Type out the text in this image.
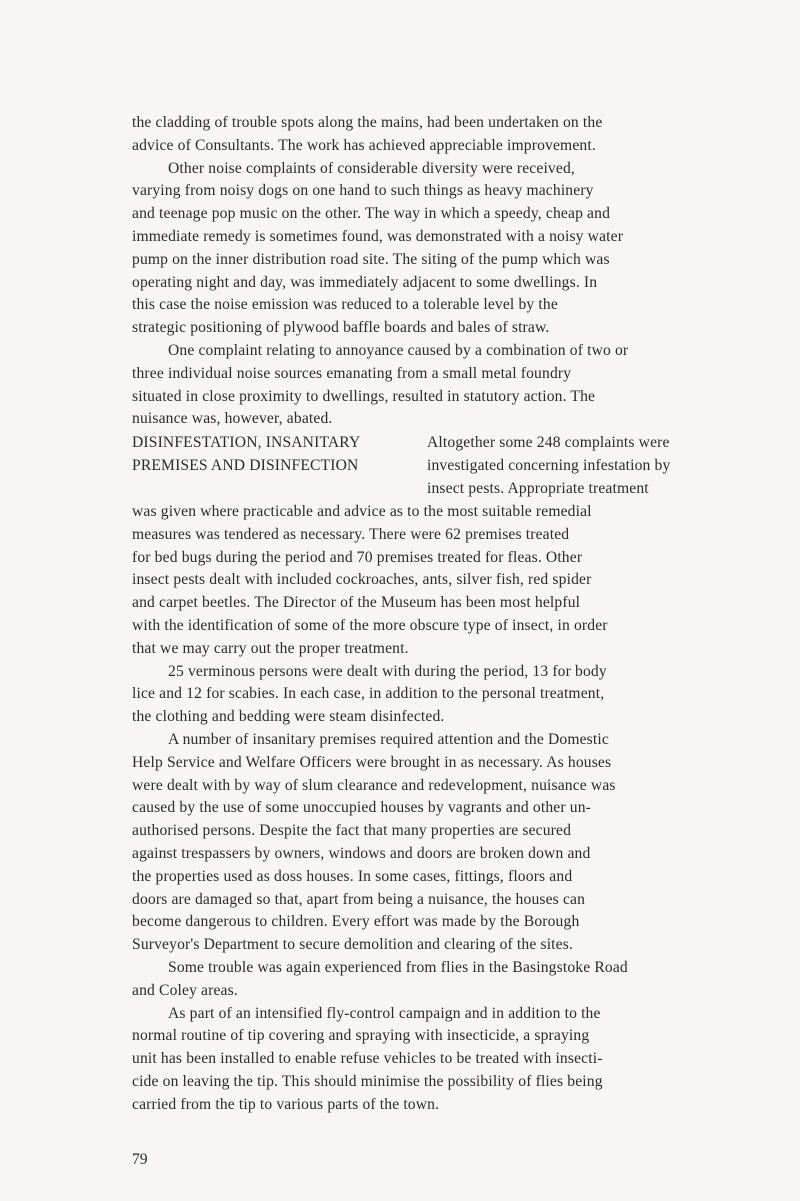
the cladding of trouble spots along the mains, had been undertaken on the
advice of Consultants. The work has achieved appreciable improvement.
Other noise complaints of considerable diversity were received,
varying from noisy dogs on one hand to such things as heavy machinery
and teenage pop music on the other. The way in which a speedy, cheap and
immediate remedy is sometimes found, was demonstrated with a noisy water
pump on the inner distribution road site. The siting of the pump which was
operating night and day, was immediately adjacent to some dwellings. In
this case the noise emission was reduced to a tolerable level by the
strategic positioning of plywood baffle boards and bales of straw.
One complaint relating to annoyance caused by a combination of two or
three individual noise sources emanating from a small metal foundry
situated in close proximity to dwellings, resulted in statutory action. The
nuisance was, however, abated.
DISINFESTATION, INSANITARY
PREMISES AND DISINFECTION
Altogether some 248 complaints were
investigated concerning infestation by
insect pests. Appropriate treatment
was given where practicable and advice as to the most suitable remedial
measures was tendered as necessary. There were 62 premises treated
for bed bugs during the period and 70 premises treated for fleas. Other
insect pests dealt with included cockroaches, ants, silver fish, red spider
and carpet beetles. The Director of the Museum has been most helpful
with the identification of some of the more obscure type of insect, in order
that we may carry out the proper treatment.
25 verminous persons were dealt with during the period, 13 for body
lice and 12 for scabies. In each case, in addition to the personal treatment,
the clothing and bedding were steam disinfected.
A number of insanitary premises required attention and the Domestic
Help Service and Welfare Officers were brought in as necessary. As houses
were dealt with by way of slum clearance and redevelopment, nuisance was
caused by the use of some unoccupied houses by vagrants and other un-
authorised persons. Despite the fact that many properties are secured
against trespassers by owners, windows and doors are broken down and
the properties used as doss houses. In some cases, fittings, floors and
doors are damaged so that, apart from being a nuisance, the houses can
become dangerous to children. Every effort was made by the Borough
Surveyor's Department to secure demolition and clearing of the sites.
Some trouble was again experienced from flies in the Basingstoke Road
and Coley areas.
As part of an intensified fly-control campaign and in addition to the
normal routine of tip covering and spraying with insecticide, a spraying
unit has been installed to enable refuse vehicles to be treated with insecti-
cide on leaving the tip. This should minimise the possibility of flies being
carried from the tip to various parts of the town.
79
